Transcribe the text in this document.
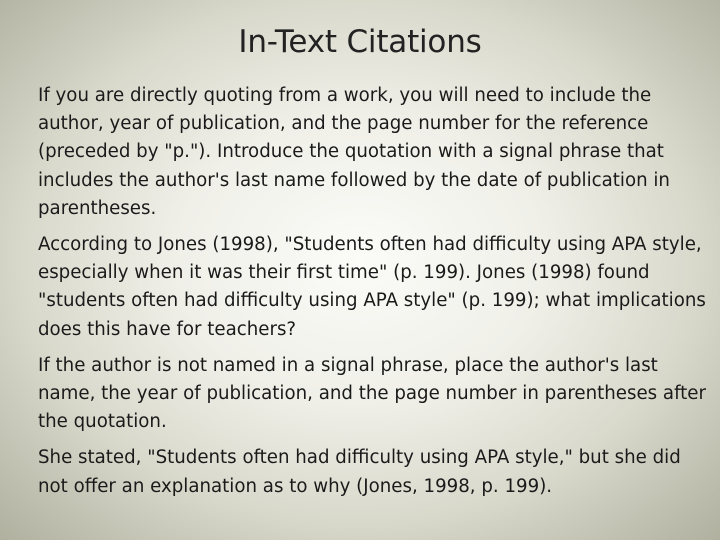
In-Text Citations

If you are directly quoting from a work, you will need to include the author, year of publication, and the page number for the reference (preceded by "p."). Introduce the quotation with a signal phrase that includes the author's last name followed by the date of publication in parentheses.

According to Jones (1998), "Students often had difficulty using APA style, especially when it was their first time" (p. 199). Jones (1998) found "students often had difficulty using APA style" (p. 199); what implications does this have for teachers?

If the author is not named in a signal phrase, place the author's last name, the year of publication, and the page number in parentheses after the quotation.

She stated, "Students often had difficulty using APA style," but she did not offer an explanation as to why (Jones, 1998, p. 199).
